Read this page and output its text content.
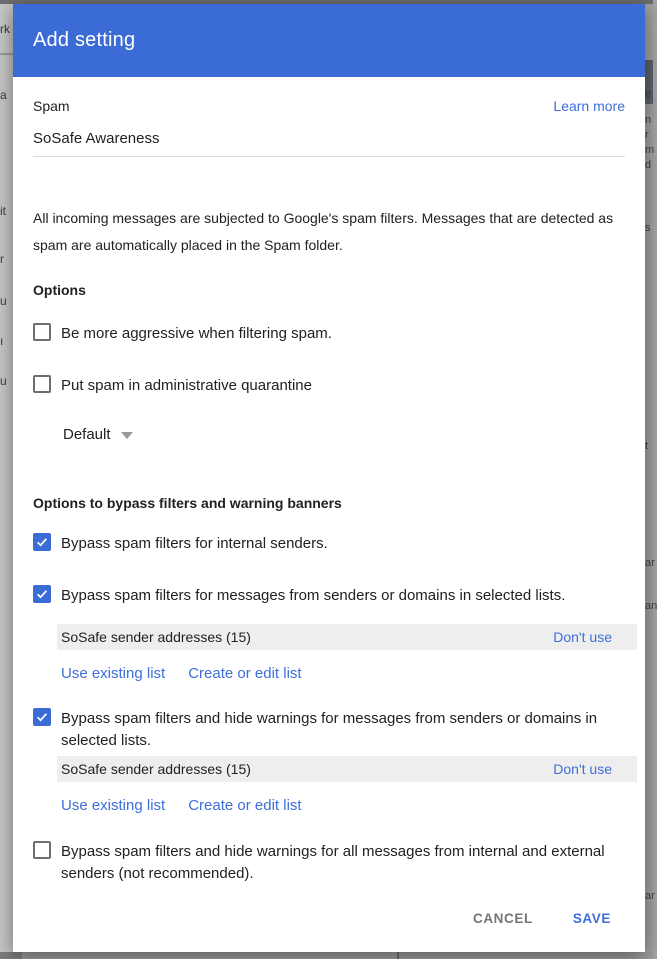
rk
a
it
r
u
ı
u
e
n
r
m
d
s
t
ar
an
ar
Add setting
Spam	Learn more
SoSafe Awareness

All incoming messages are subjected to Google's spam filters. Messages that are detected as spam are automatically placed in the Spam folder.

Options
Be more aggressive when filtering spam.
Put spam in administrative quarantine
Default
Options to bypass filters and warning banners
Bypass spam filters for internal senders.
Bypass spam filters for messages from senders or domains in selected lists.
SoSafe sender addresses (15)	Don't use
Use existing list Create or edit list
Bypass spam filters and hide warnings for messages from senders or domains in selected lists.
SoSafe sender addresses (15)	Don't use
Use existing list Create or edit list
Bypass spam filters and hide warnings for all messages from internal and external senders (not recommended).
CANCEL	SAVE
